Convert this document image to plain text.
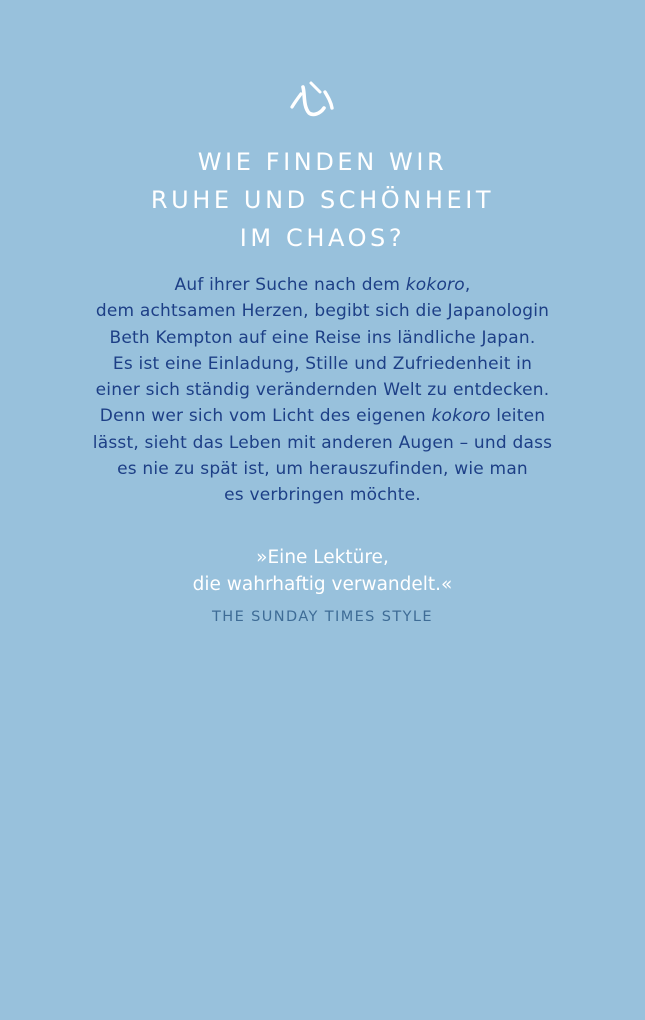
WIE FINDEN WIR
RUHE UND SCHÖNHEIT
IM CHAOS?
Auf ihrer Suche nach dem kokoro,
dem achtsamen Herzen, begibt sich die Japanologin
Beth Kempton auf eine Reise ins ländliche Japan.
Es ist eine Einladung, Stille und Zufriedenheit in
einer sich ständig verändernden Welt zu entdecken.
Denn wer sich vom Licht des eigenen kokoro leiten
lässt, sieht das Leben mit anderen Augen – und dass
es nie zu spät ist, um herauszufinden, wie man
es verbringen möchte.
»Eine Lektüre,
die wahrhaftig verwandelt.«
THE SUNDAY TIMES STYLE
